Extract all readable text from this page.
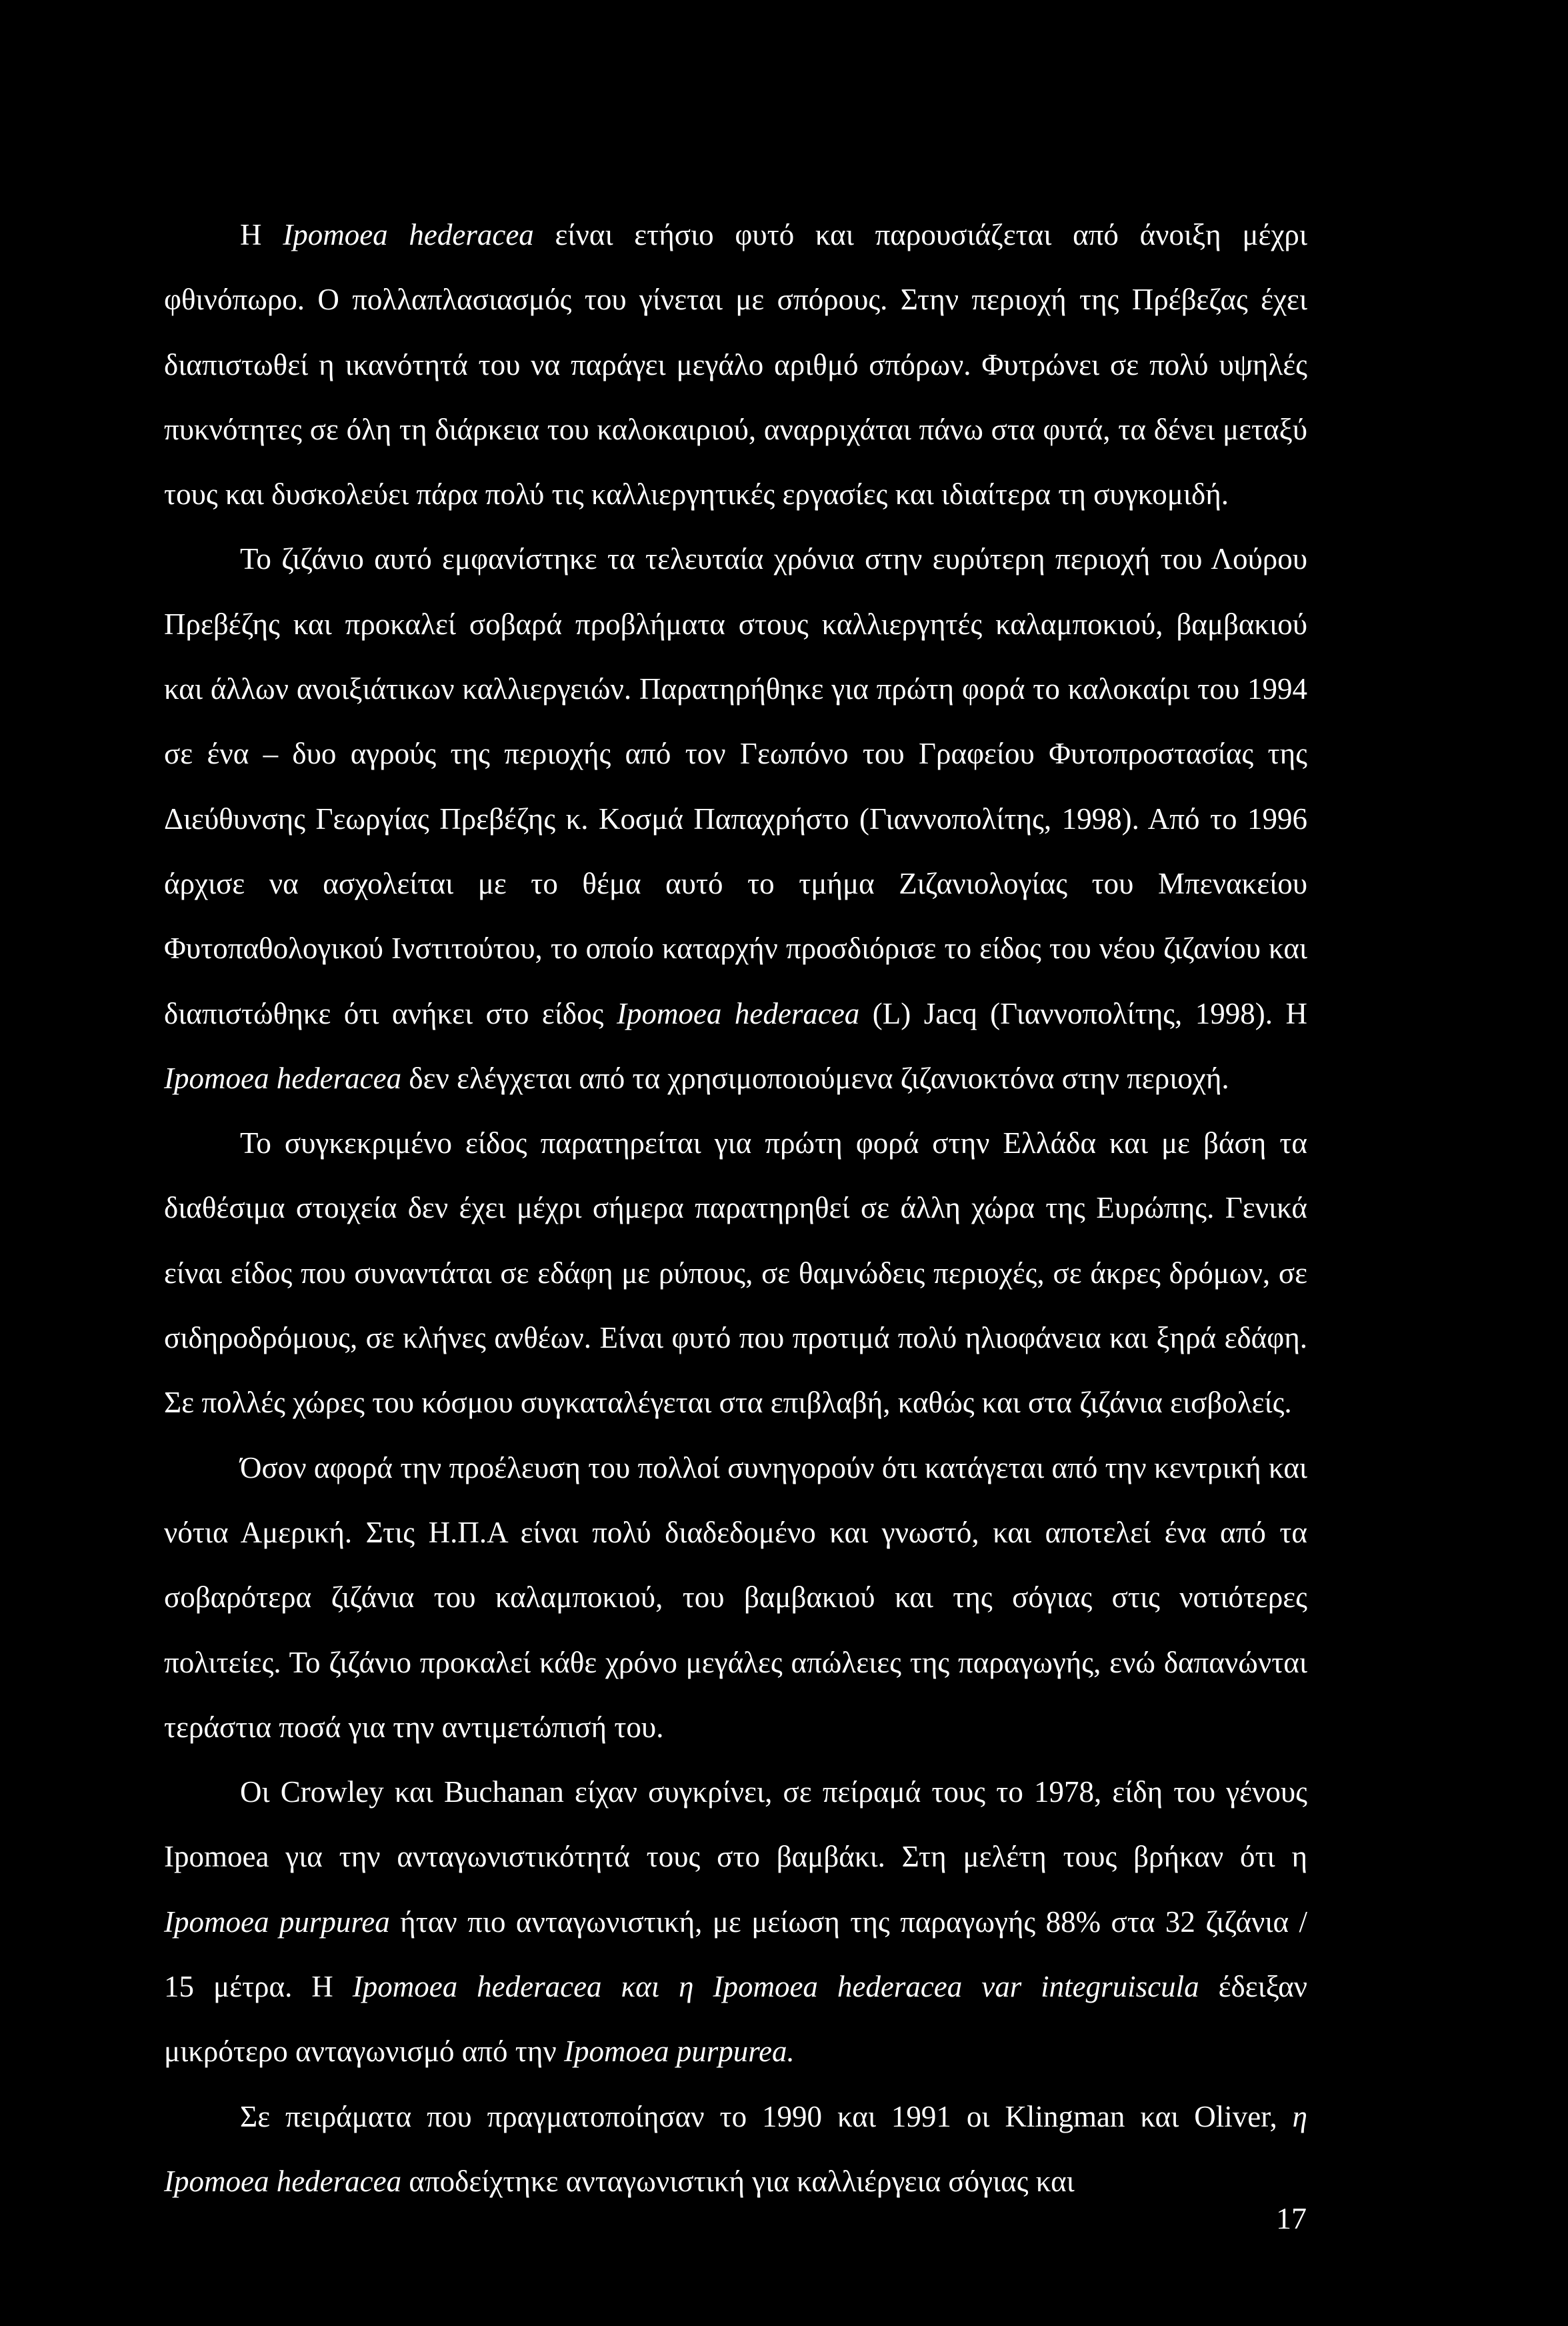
Η Ipomoea hederacea είναι ετήσιο φυτό και παρουσιάζεται από άνοιξη μέχρι φθινόπωρο. Ο πολλαπλασιασμός του γίνεται με σπόρους. Στην περιοχή της Πρέβεζας έχει διαπιστωθεί η ικανότητά του να παράγει μεγάλο αριθμό σπόρων. Φυτρώνει σε πολύ υψηλές πυκνότητες σε όλη τη διάρκεια του καλοκαιριού, αναρριχάται πάνω στα φυτά, τα δένει μεταξύ τους και δυσκολεύει πάρα πολύ τις καλλιεργητικές εργασίες και ιδιαίτερα τη συγκομιδή.

Το ζιζάνιο αυτό εμφανίστηκε τα τελευταία χρόνια στην ευρύτερη περιοχή του Λούρου Πρεβέζης και προκαλεί σοβαρά προβλήματα στους καλλιεργητές καλαμποκιού, βαμβακιού και άλλων ανοιξιάτικων καλλιεργειών. Παρατηρήθηκε για πρώτη φορά το καλοκαίρι του 1994 σε ένα – δυο αγρούς της περιοχής από τον Γεωπόνο του Γραφείου Φυτοπροστασίας της Διεύθυνσης Γεωργίας Πρεβέζης κ. Κοσμά Παπαχρήστο (Γιαννοπολίτης, 1998). Από το 1996 άρχισε να ασχολείται με το θέμα αυτό το τμήμα Ζιζανιολογίας του Μπενακείου Φυτοπαθολογικού Ινστιτούτου, το οποίο καταρχήν προσδιόρισε το είδος του νέου ζιζανίου και διαπιστώθηκε ότι ανήκει στο είδος Ipomoea hederacea (L) Jacq (Γιαννοπολίτης, 1998). Η Ipomoea hederacea δεν ελέγχεται από τα χρησιμοποιούμενα ζιζανιοκτόνα στην περιοχή.

Το συγκεκριμένο είδος παρατηρείται για πρώτη φορά στην Ελλάδα και με βάση τα διαθέσιμα στοιχεία δεν έχει μέχρι σήμερα παρατηρηθεί σε άλλη χώρα της Ευρώπης. Γενικά είναι είδος που συναντάται σε εδάφη με ρύπους, σε θαμνώδεις περιοχές, σε άκρες δρόμων, σε σιδηροδρόμους, σε κλήνες ανθέων. Είναι φυτό που προτιμά πολύ ηλιοφάνεια και ξηρά εδάφη. Σε πολλές χώρες του κόσμου συγκαταλέγεται στα επιβλαβή, καθώς και στα ζιζάνια εισβολείς.

Όσον αφορά την προέλευση του πολλοί συνηγορούν ότι κατάγεται από την κεντρική και νότια Αμερική. Στις Η.Π.Α είναι πολύ διαδεδομένο και γνωστό, και αποτελεί ένα από τα σοβαρότερα ζιζάνια του καλαμποκιού, του βαμβακιού και της σόγιας στις νοτιότερες πολιτείες. Το ζιζάνιο προκαλεί κάθε χρόνο μεγάλες απώλειες της παραγωγής, ενώ δαπανώνται τεράστια ποσά για την αντιμετώπισή του.

Οι Crowley και Buchanan είχαν συγκρίνει, σε πείραμά τους το 1978, είδη του γένους Ipomoea για την ανταγωνιστικότητά τους στο βαμβάκι. Στη μελέτη τους βρήκαν ότι η Ipomoea purpurea ήταν πιο ανταγωνιστική, με μείωση της παραγωγής 88% στα 32 ζιζάνια / 15 μέτρα. Η Ipomoea hederacea και η Ipomoea hederacea var integruiscula έδειξαν μικρότερο ανταγωνισμό από την Ipomoea purpurea.

Σε πειράματα που πραγματοποίησαν το 1990 και 1991 οι Klingman και Oliver, η Ipomoea hederacea αποδείχτηκε ανταγωνιστική για καλλιέργεια σόγιας και

17
